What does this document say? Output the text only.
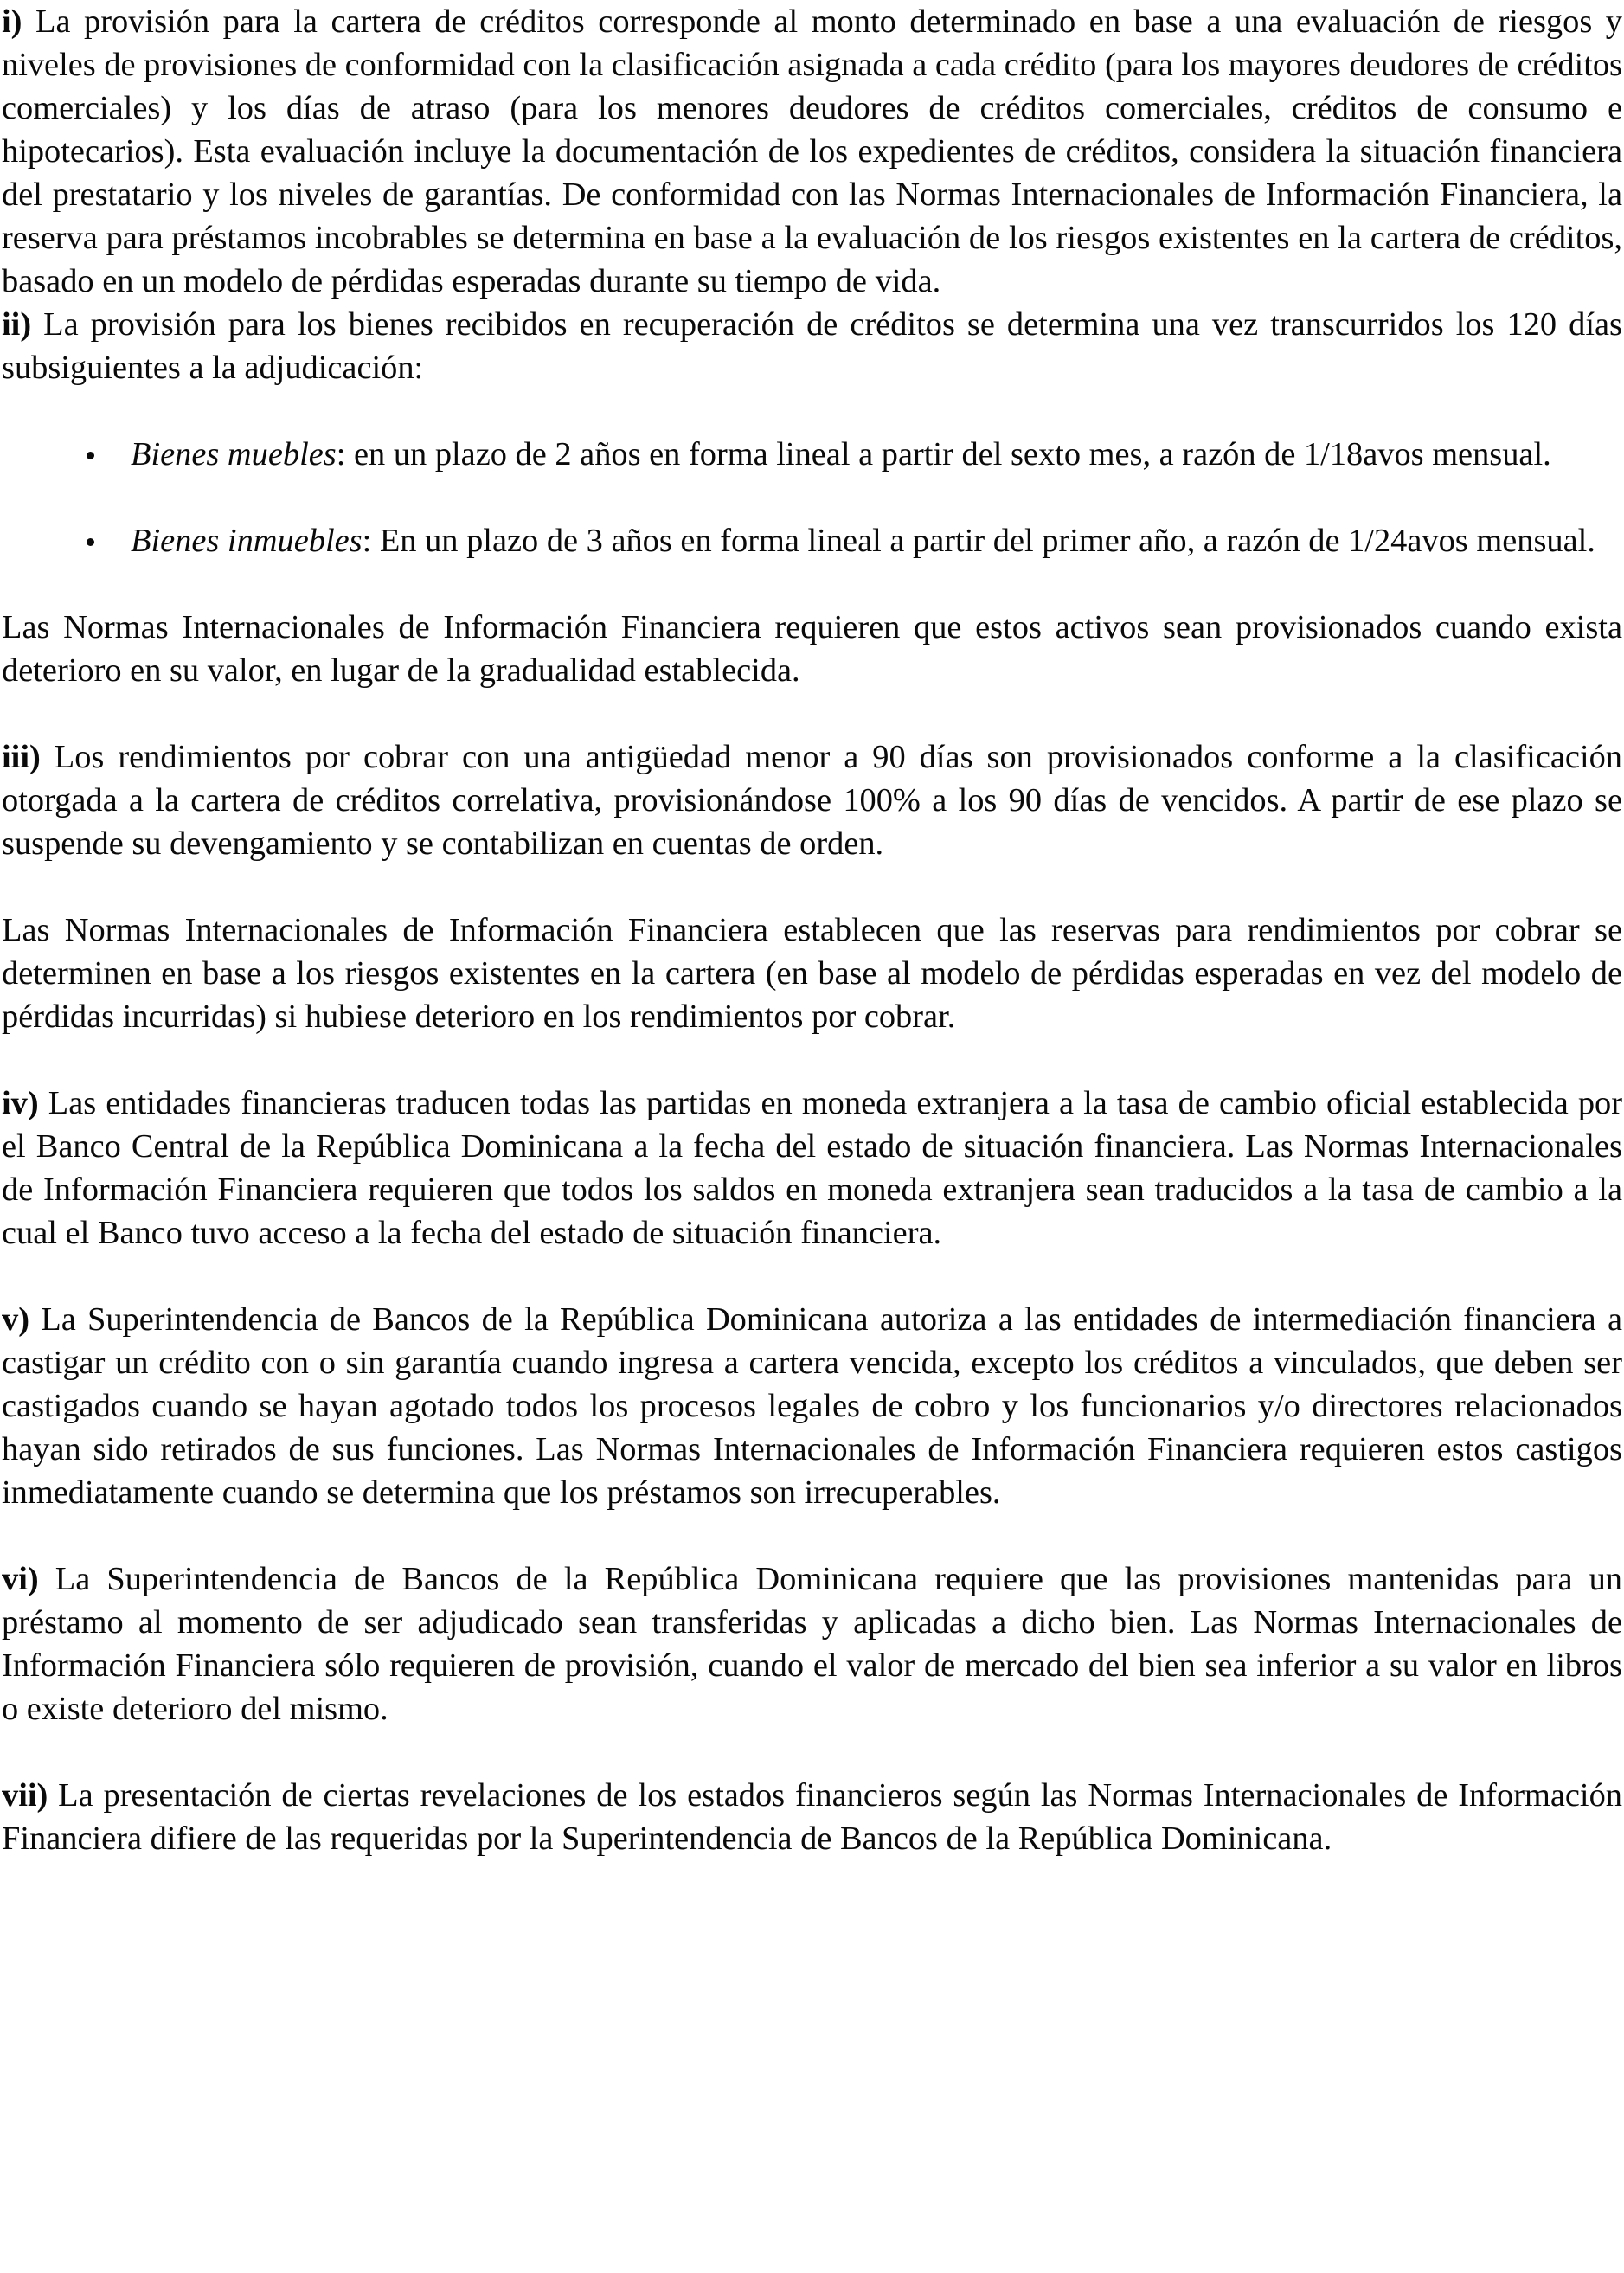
i) La provisión para la cartera de créditos corresponde al monto determinado en base a una evaluación de riesgos y niveles de provisiones de conformidad con la clasificación asignada a cada crédito (para los mayores deudores de créditos comerciales) y los días de atraso (para los menores deudores de créditos comerciales, créditos de consumo e hipotecarios). Esta evaluación incluye la documentación de los expedientes de créditos, considera la situación financiera del prestatario y los niveles de garantías. De conformidad con las Normas Internacionales de Información Financiera, la reserva para préstamos incobrables se determina en base a la evaluación de los riesgos existentes en la cartera de créditos, basado en un modelo de pérdidas esperadas durante su tiempo de vida.

ii) La provisión para los bienes recibidos en recuperación de créditos se determina una vez transcurridos los 120 días subsiguientes a la adjudicación:

Bienes muebles: en un plazo de 2 años en forma lineal a partir del sexto mes, a razón de 1/18avos mensual.
Bienes inmuebles: En un plazo de 3 años en forma lineal a partir del primer año, a razón de 1/24avos mensual.

Las Normas Internacionales de Información Financiera requieren que estos activos sean provisionados cuando exista deterioro en su valor, en lugar de la gradualidad establecida.

iii) Los rendimientos por cobrar con una antigüedad menor a 90 días son provisionados conforme a la clasificación otorgada a la cartera de créditos correlativa, provisionándose 100% a los 90 días de vencidos. A partir de ese plazo se suspende su devengamiento y se contabilizan en cuentas de orden.

Las Normas Internacionales de Información Financiera establecen que las reservas para rendimientos por cobrar se determinen en base a los riesgos existentes en la cartera (en base al modelo de pérdidas esperadas en vez del modelo de pérdidas incurridas) si hubiese deterioro en los rendimientos por cobrar.

iv) Las entidades financieras traducen todas las partidas en moneda extranjera a la tasa de cambio oficial establecida por el Banco Central de la República Dominicana a la fecha del estado de situación financiera. Las Normas Internacionales de Información Financiera requieren que todos los saldos en moneda extranjera sean traducidos a la tasa de cambio a la cual el Banco tuvo acceso a la fecha del estado de situación financiera.

v) La Superintendencia de Bancos de la República Dominicana autoriza a las entidades de intermediación financiera a castigar un crédito con o sin garantía cuando ingresa a cartera vencida, excepto los créditos a vinculados, que deben ser castigados cuando se hayan agotado todos los procesos legales de cobro y los funcionarios y/o directores relacionados hayan sido retirados de sus funciones. Las Normas Internacionales de Información Financiera requieren estos castigos inmediatamente cuando se determina que los préstamos son irrecuperables.

vi) La Superintendencia de Bancos de la República Dominicana requiere que las provisiones mantenidas para un préstamo al momento de ser adjudicado sean transferidas y aplicadas a dicho bien. Las Normas Internacionales de Información Financiera sólo requieren de provisión, cuando el valor de mercado del bien sea inferior a su valor en libros o existe deterioro del mismo.

vii) La presentación de ciertas revelaciones de los estados financieros según las Normas Internacionales de Información Financiera difiere de las requeridas por la Superintendencia de Bancos de la República Dominicana.
